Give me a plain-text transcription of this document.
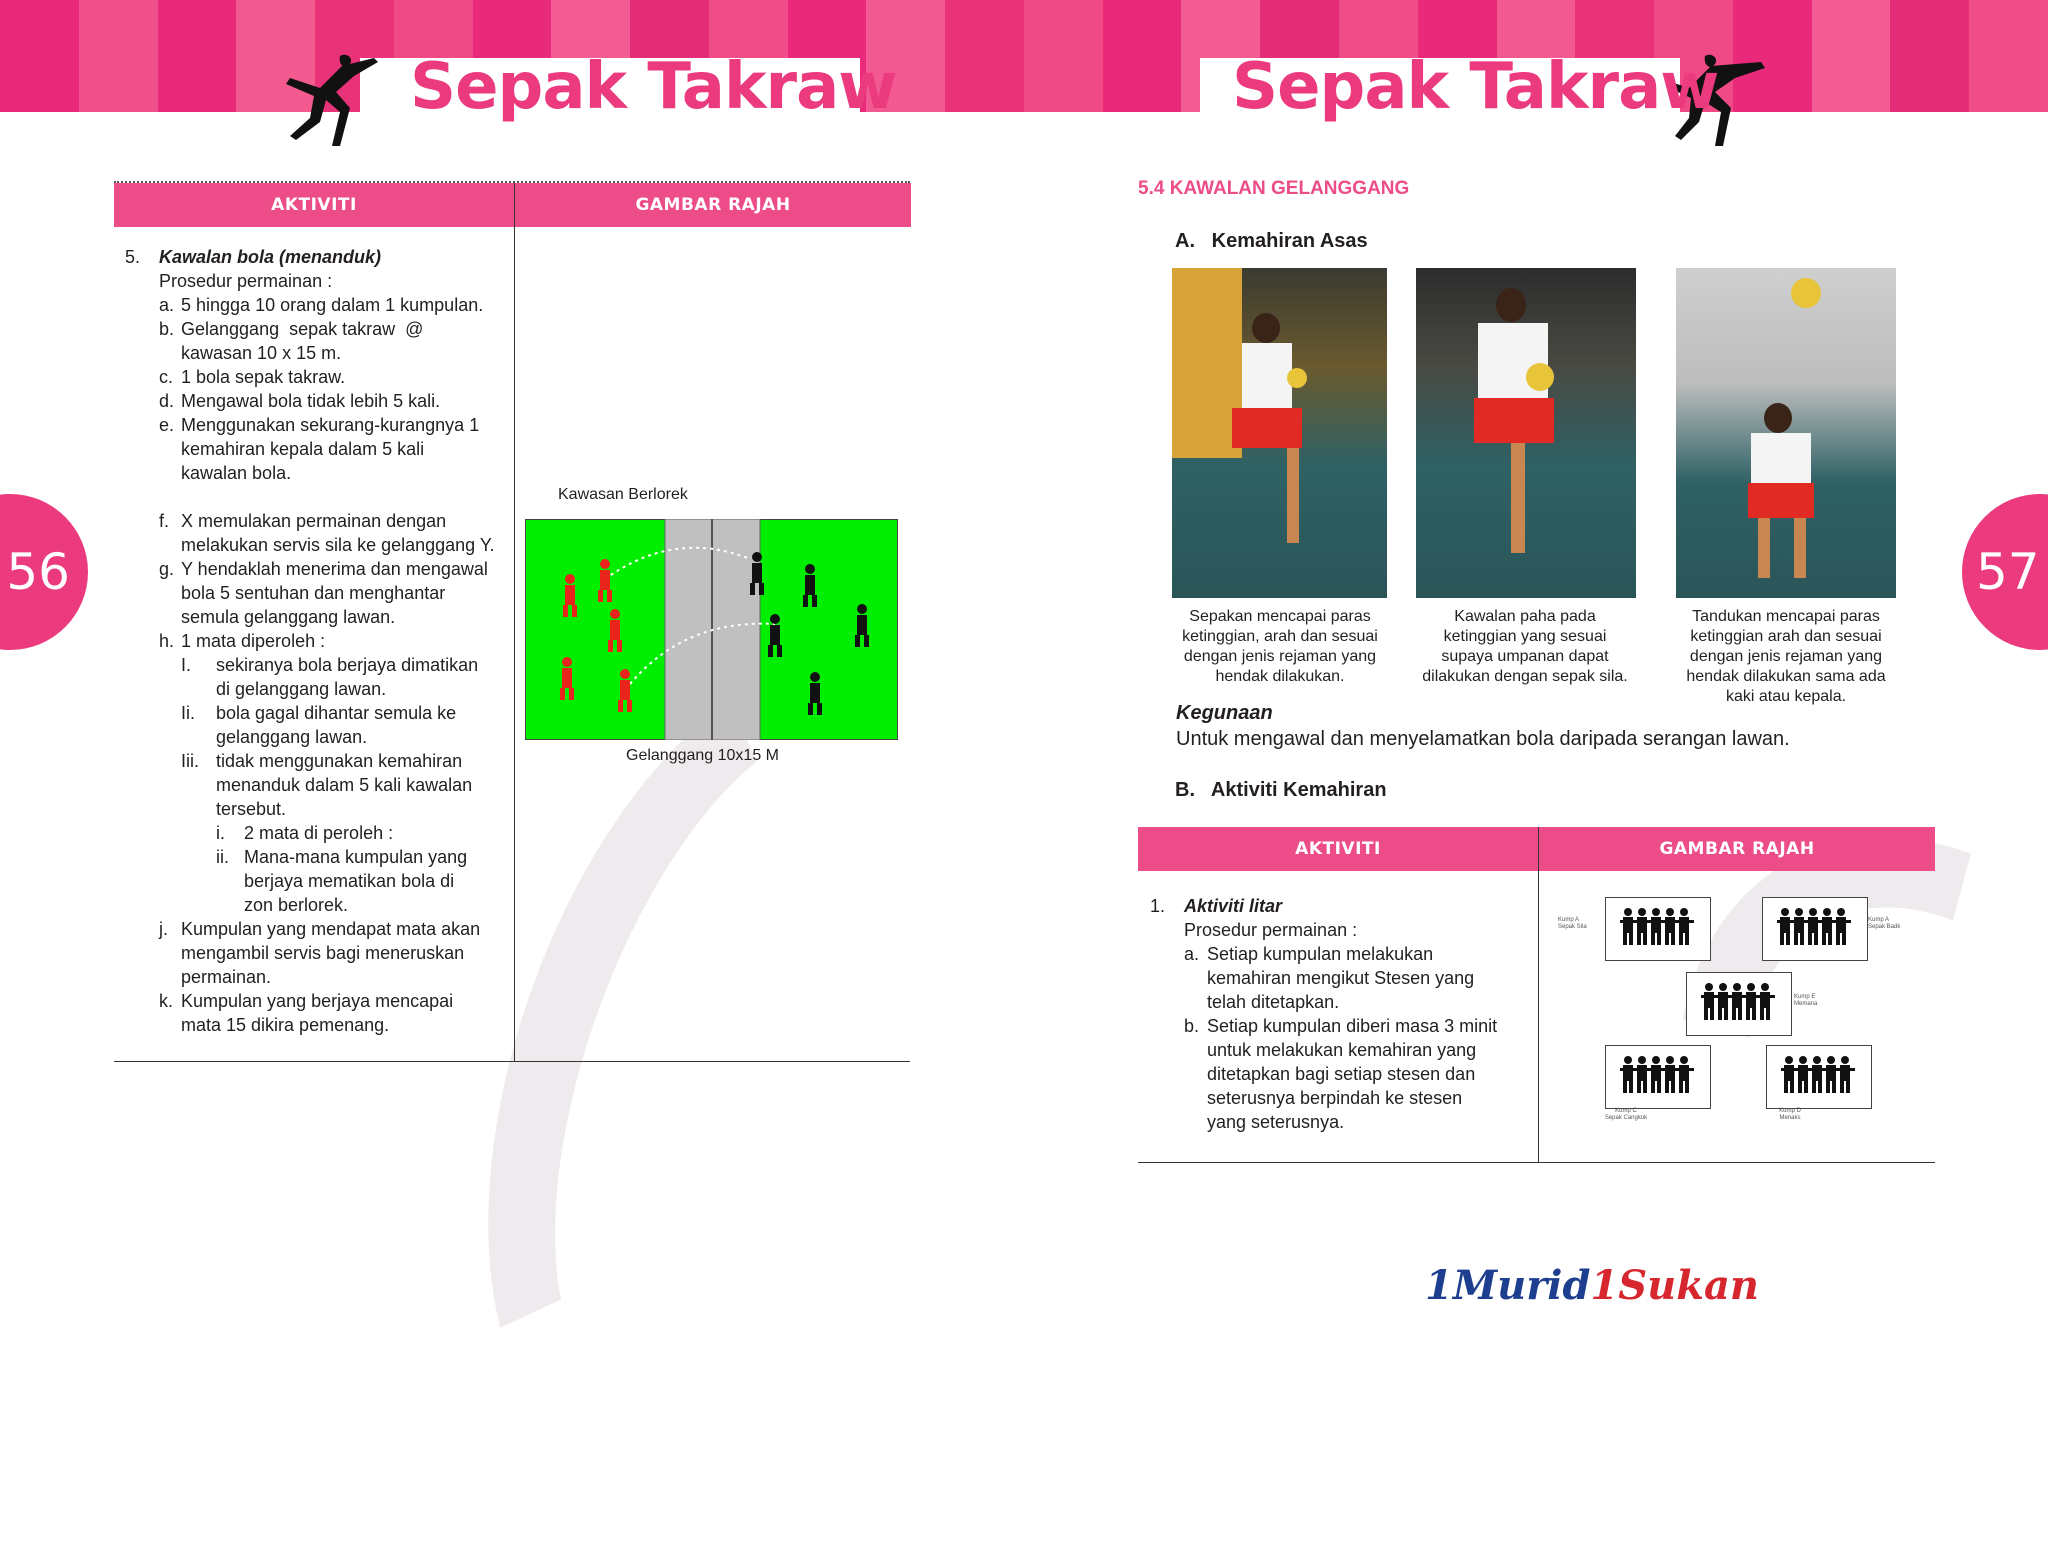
Sepak Takraw	Sepak Takraw
56	57
AKTIVITI	GAMBAR RAJAH
5. Kawalan bola (menanduk)
Prosedur permainan :
a. 5 hingga 10 orang dalam 1 kumpulan.
b. Gelanggang  sepak takraw  @
kawasan 10 x 15 m.
c. 1 bola sepak takraw.
d. Mengawal bola tidak lebih 5 kali.
e. Menggunakan sekurang-kurangnya 1
kemahiran kepala dalam 5 kali
kawalan bola.
f. X memulakan permainan dengan
melakukan servis sila ke gelanggang Y.
g. Y hendaklah menerima dan mengawal
bola 5 sentuhan dan menghantar
semula gelanggang lawan.
h. 1 mata diperoleh :
I. sekiranya bola berjaya dimatikan
di gelanggang lawan.
Ii. bola gagal dihantar semula ke
gelanggang lawan.
Iii. tidak menggunakan kemahiran
menanduk dalam 5 kali kawalan
tersebut.
i. 2 mata di peroleh :
ii. Mana-mana kumpulan yang
berjaya mematikan bola di
zon berlorek.
j. Kumpulan yang mendapat mata akan
mengambil servis bagi meneruskan
permainan.
k. Kumpulan yang berjaya mencapai
mata 15 dikira pemenang.
Kawasan Berlorek
Gelanggang 10x15 M
5.4 KAWALAN GELANGGANG
A.   Kemahiran Asas
Sepakan mencapai paras
ketinggian, arah dan sesuai
dengan jenis rejaman yang
hendak dilakukan.
Kawalan paha pada
ketinggian yang sesuai
supaya umpanan dapat
dilakukan dengan sepak sila.
Tandukan mencapai paras
ketinggian arah dan sesuai
dengan jenis rejaman yang
hendak dilakukan sama ada
kaki atau kepala.
Kegunaan
Untuk mengawal dan menyelamatkan bola daripada serangan lawan.
B.   Aktiviti Kemahiran
AKTIVITI	GAMBAR RAJAH
1. Aktiviti litar
Prosedur permainan :
a. Setiap kumpulan melakukan
kemahiran mengikut Stesen yang
telah ditetapkan.
b. Setiap kumpulan diberi masa 3 minit
untuk melakukan kemahiran yang
ditetapkan bagi setiap stesen dan
seterusnya berpindah ke stesen
yang seterusnya.
Kump A
Sepak Sila
Kump A
Sepak Badk
Kump E
Memana
Kump C
Sepak Cangkuk
Kump D
Menaks
1Murid1Sukan
